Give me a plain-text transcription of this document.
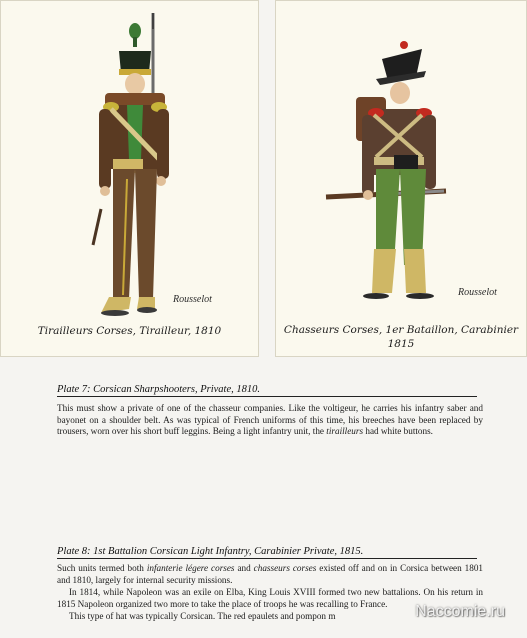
Rousselot
Tirailleurs Corses, Tirailleur, 1810
Rousselot
Chasseurs Corses, 1er Bataillon, Carabinier
1815
Plate 7: Corsican Sharpshooters, Private, 1810.

This must show a private of one of the chasseur companies. Like the voltigeur, he carries his infantry saber and bayonet on a shoulder belt. As was typical of French uniforms of this time, his breeches have been replaced by trousers, worn over his short buff leggins. Being a light infantry unit, the tirailleurs had white buttons.

Plate 8: 1st Battalion Corsican Light Infantry, Carabinier Private, 1815.

Such units termed both infanterie légere corses and chasseurs corses existed off and on in Corsica between 1801 and 1810, largely for internal security missions.

In 1814, while Napoleon was an exile on Elba, King Louis XVIII formed two new battalions. On his return in 1815 Napoleon organized two more to take the place of troops he was recalling to France.

This type of hat was typically Corsican. The red epaulets and pompon m	Naccomie.ru
